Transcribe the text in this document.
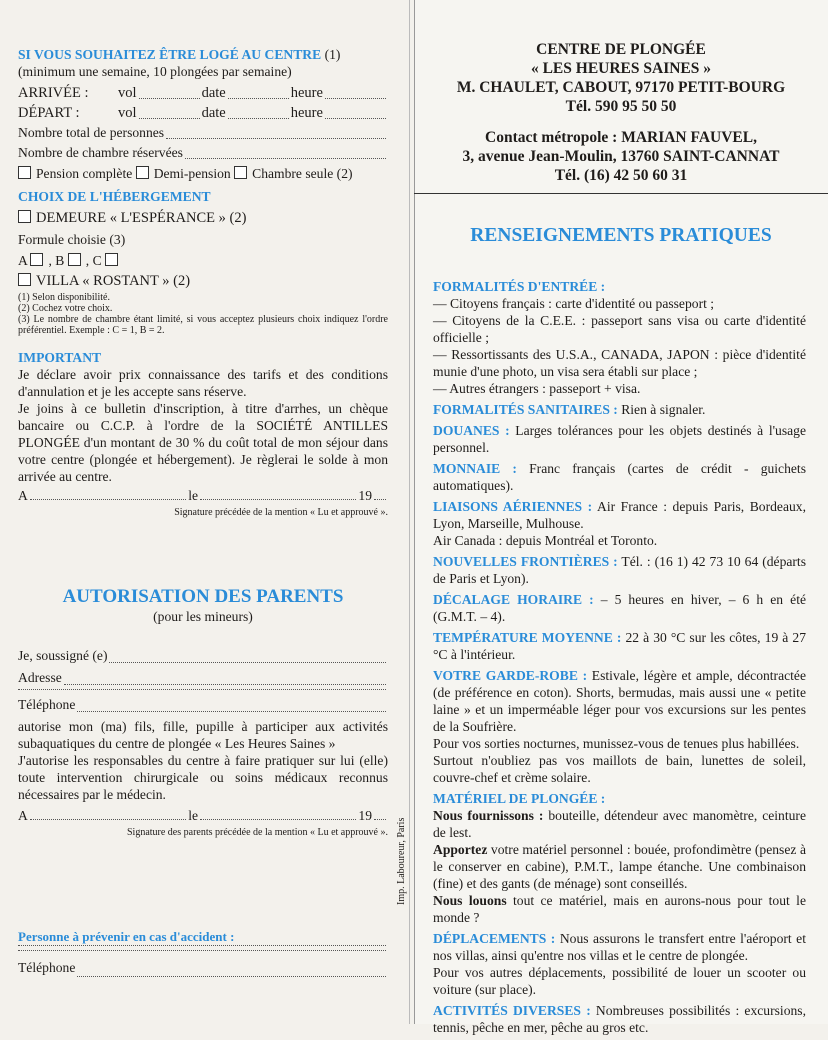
SI VOUS SOUHAITEZ ÊTRE LOGÉ AU CENTRE (1)

(minimum une semaine, 10 plongées par semaine)

ARRIVÉE :	vol	date	heure
DÉPART :	vol	date	heure
Nombre total de personnes
Nombre de chambre réservées

Pension complète Demi-pension Chambre seule (2)

CHOIX DE L'HÉBERGEMENT

DEMEURE « L'ESPÉRANCE » (2)

Formule choisie (3)

A , B , C

VILLA « ROSTANT » (2)

(1) Selon disponibilité.

(2) Cochez votre choix.

(3) Le nombre de chambre étant limité, si vous acceptez plusieurs choix indiquez l'ordre préférentiel. Exemple : C = 1, B = 2.

IMPORTANT

Je déclare avoir prix connaissance des tarifs et des conditions d'annulation et je les accepte sans réserve.

Je joins à ce bulletin d'inscription, à titre d'arrhes, un chèque bancaire ou C.C.P. à l'ordre de la SOCIÉTÉ ANTILLES PLONGÉE d'un montant de 30 % du coût total de mon séjour dans votre centre (plongée et hébergement). Je règlerai le solde à mon arrivée au centre.

A	le	19

Signature précédée de la mention « Lu et approuvé ».

AUTORISATION DES PARENTS

(pour les mineurs)

Je, soussigné (e)
Adresse
Téléphone

autorise mon (ma) fils, fille, pupille à participer aux activités subaquatiques du centre de plongée « Les Heures Saines »

J'autorise les responsables du centre à faire pratiquer sur lui (elle) toute intervention chirurgicale ou soins médicaux reconnus nécessaires par le médecin.

A	le	19

Signature des parents précédée de la mention « Lu et approuvé ».

Personne à prévenir en cas d'accident :

Téléphone
Imp. Laboureur, Paris

CENTRE DE PLONGÉE

« LES HEURES SAINES »

M. CHAULET, CABOUT, 97170 PETIT-BOURG

Tél. 590 95 50 50

Contact métropole : MARIAN FAUVEL,

3, avenue Jean-Moulin, 13760 SAINT-CANNAT

Tél. (16) 42 50 60 31

RENSEIGNEMENTS PRATIQUES

FORMALITÉS D'ENTRÉE :

— Citoyens français : carte d'identité ou passeport ;

— Citoyens de la C.E.E. : passeport sans visa ou carte d'identité officielle ;

— Ressortissants des U.S.A., CANADA, JAPON : pièce d'identité munie d'une photo, un visa sera établi sur place ;

— Autres étrangers : passeport + visa.

FORMALITÉS SANITAIRES : Rien à signaler.

DOUANES : Larges tolérances pour les objets destinés à l'usage personnel.

MONNAIE : Franc français (cartes de crédit - guichets automatiques).

LIAISONS AÉRIENNES : Air France : depuis Paris, Bordeaux, Lyon, Marseille, Mulhouse.

Air Canada : depuis Montréal et Toronto.

NOUVELLES FRONTIÈRES : Tél. : (16 1) 42 73 10 64 (départs de Paris et Lyon).

DÉCALAGE HORAIRE : – 5 heures en hiver, – 6 h en été (G.M.T. – 4).

TEMPÉRATURE MOYENNE : 22 à 30 °C sur les côtes, 19 à 27 °C à l'intérieur.

VOTRE GARDE-ROBE : Estivale, légère et ample, décontractée (de préférence en coton). Shorts, bermudas, mais aussi une « petite laine » et un imperméable léger pour vos excursions sur les pentes de la Soufrière.

Pour vos sorties nocturnes, munissez-vous de tenues plus habillées.

Surtout n'oubliez pas vos maillots de bain, lunettes de soleil, couvre-chef et crème solaire.

MATÉRIEL DE PLONGÉE :

Nous fournissons : bouteille, détendeur avec manomètre, ceinture de lest.

Apportez votre matériel personnel : bouée, profondimètre (pensez à le conserver en cabine), P.M.T., lampe étanche. Une combinaison (fine) et des gants (de ménage) sont conseillés.

Nous louons tout ce matériel, mais en aurons-nous pour tout le monde ?

DÉPLACEMENTS : Nous assurons le transfert entre l'aéroport et nos villas, ainsi qu'entre nos villas et le centre de plongée.

Pour vos autres déplacements, possibilité de louer un scooter ou voiture (sur place).

ACTIVITÉS DIVERSES : Nombreuses possibilités : excursions, tennis, pêche en mer, pêche au gros etc.
